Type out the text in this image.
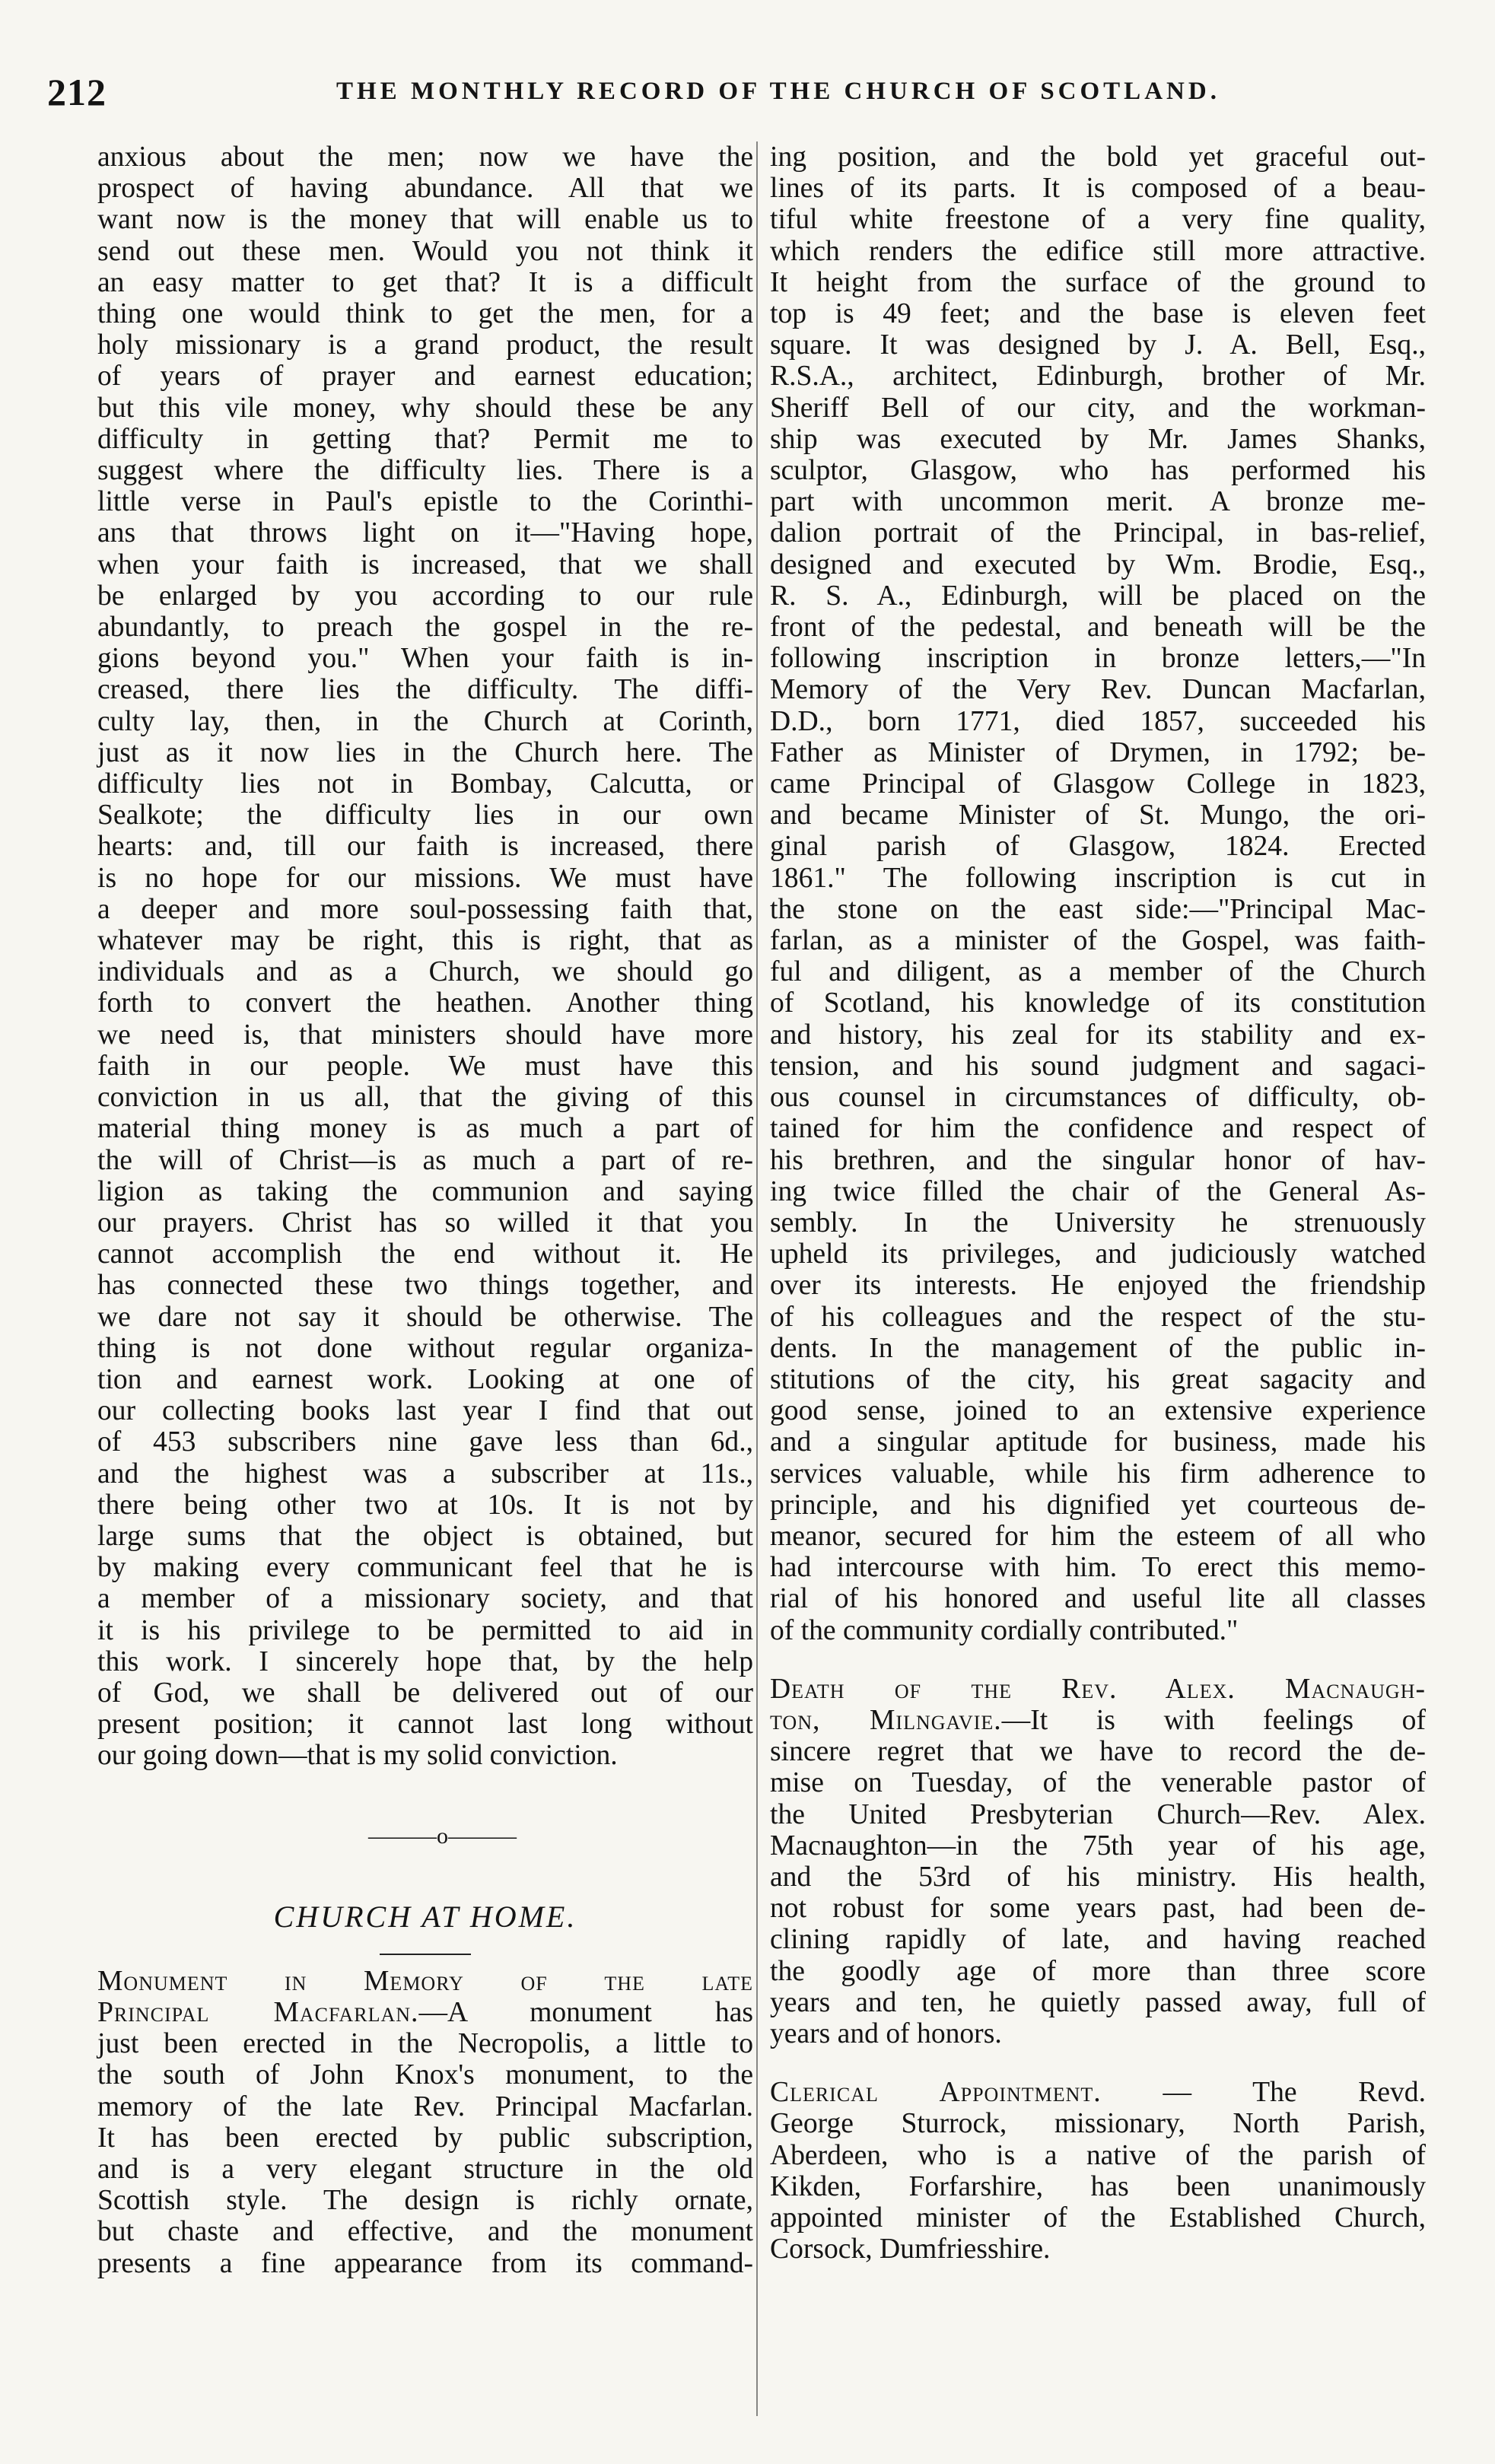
212	THE MONTHLY RECORD OF THE CHURCH OF SCOTLAND.

anxious about the men; now we have the
prospect of having abundance. All that we
want now is the money that will enable us to
send out these men. Would you not think it
an easy matter to get that? It is a difficult
thing one would think to get the men, for a
holy missionary is a grand product, the result
of years of prayer and earnest education;
but this vile money, why should these be any
difficulty in getting that? Permit me to
suggest where the difficulty lies. There is a
little verse in Paul's epistle to the Corinthi-
ans that throws light on it—"Having hope,
when your faith is increased, that we shall
be enlarged by you according to our rule
abundantly, to preach the gospel in the re-
gions beyond you." When your faith is in-
creased, there lies the difficulty. The diffi-
culty lay, then, in the Church at Corinth,
just as it now lies in the Church here. The
difficulty lies not in Bombay, Calcutta, or
Sealkote; the difficulty lies in our own
hearts: and, till our faith is increased, there
is no hope for our missions. We must have
a deeper and more soul-possessing faith that,
whatever may be right, this is right, that as
individuals and as a Church, we should go
forth to convert the heathen. Another thing
we need is, that ministers should have more
faith in our people. We must have this
conviction in us all, that the giving of this
material thing money is as much a part of
the will of Christ—is as much a part of re-
ligion as taking the communion and saying
our prayers. Christ has so willed it that you
cannot accomplish the end without it. He
has connected these two things together, and
we dare not say it should be otherwise. The
thing is not done without regular organiza-
tion and earnest work. Looking at one of
our collecting books last year I find that out
of 453 subscribers nine gave less than 6d.,
and the highest was a subscriber at 11s.,
there being other two at 10s. It is not by
large sums that the object is obtained, but
by making every communicant feel that he is
a member of a missionary society, and that
it is his privilege to be permitted to aid in
this work. I sincerely hope that, by the help
of God, we shall be delivered out of our
present position; it cannot last long without
our going down—that is my solid conviction.

———o———
CHURCH AT HOME.

Monument in Memory of the late
Principal Macfarlan.—A monument has
just been erected in the Necropolis, a little to
the south of John Knox's monument, to the
memory of the late Rev. Principal Macfarlan.
It has been erected by public subscription,
and is a very elegant structure in the old
Scottish style. The design is richly ornate,
but chaste and effective, and the monument
presents a fine appearance from its command-

ing position, and the bold yet graceful out-
lines of its parts. It is composed of a beau-
tiful white freestone of a very fine quality,
which renders the edifice still more attractive.
It height from the surface of the ground to
top is 49 feet; and the base is eleven feet
square. It was designed by J. A. Bell, Esq.,
R.S.A., architect, Edinburgh, brother of Mr.
Sheriff Bell of our city, and the workman-
ship was executed by Mr. James Shanks,
sculptor, Glasgow, who has performed his
part with uncommon merit. A bronze me-
dalion portrait of the Principal, in bas-relief,
designed and executed by Wm. Brodie, Esq.,
R. S. A., Edinburgh, will be placed on the
front of the pedestal, and beneath will be the
following inscription in bronze letters,—"In
Memory of the Very Rev. Duncan Macfarlan,
D.D., born 1771, died 1857, succeeded his
Father as Minister of Drymen, in 1792; be-
came Principal of Glasgow College in 1823,
and became Minister of St. Mungo, the ori-
ginal parish of Glasgow, 1824. Erected
1861." The following inscription is cut in
the stone on the east side:—"Principal Mac-
farlan, as a minister of the Gospel, was faith-
ful and diligent, as a member of the Church
of Scotland, his knowledge of its constitution
and history, his zeal for its stability and ex-
tension, and his sound judgment and sagaci-
ous counsel in circumstances of difficulty, ob-
tained for him the confidence and respect of
his brethren, and the singular honor of hav-
ing twice filled the chair of the General As-
sembly. In the University he strenuously
upheld its privileges, and judiciously watched
over its interests. He enjoyed the friendship
of his colleagues and the respect of the stu-
dents. In the management of the public in-
stitutions of the city, his great sagacity and
good sense, joined to an extensive experience
and a singular aptitude for business, made his
services valuable, while his firm adherence to
principle, and his dignified yet courteous de-
meanor, secured for him the esteem of all who
had intercourse with him. To erect this memo-
rial of his honored and useful lite all classes
of the community cordially contributed."

Death of the Rev. Alex. Macnaugh-
ton, Milngavie.—It is with feelings of
sincere regret that we have to record the de-
mise on Tuesday, of the venerable pastor of
the United Presbyterian Church—Rev. Alex.
Macnaughton—in the 75th year of his age,
and the 53rd of his ministry. His health,
not robust for some years past, had been de-
clining rapidly of late, and having reached
the goodly age of more than three score
years and ten, he quietly passed away, full of
years and of honors.

Clerical Appointment. — The Revd.
George Sturrock, missionary, North Parish,
Aberdeen, who is a native of the parish of
Kikden, Forfarshire, has been unanimously
appointed minister of the Established Church,
Corsock, Dumfriesshire.
